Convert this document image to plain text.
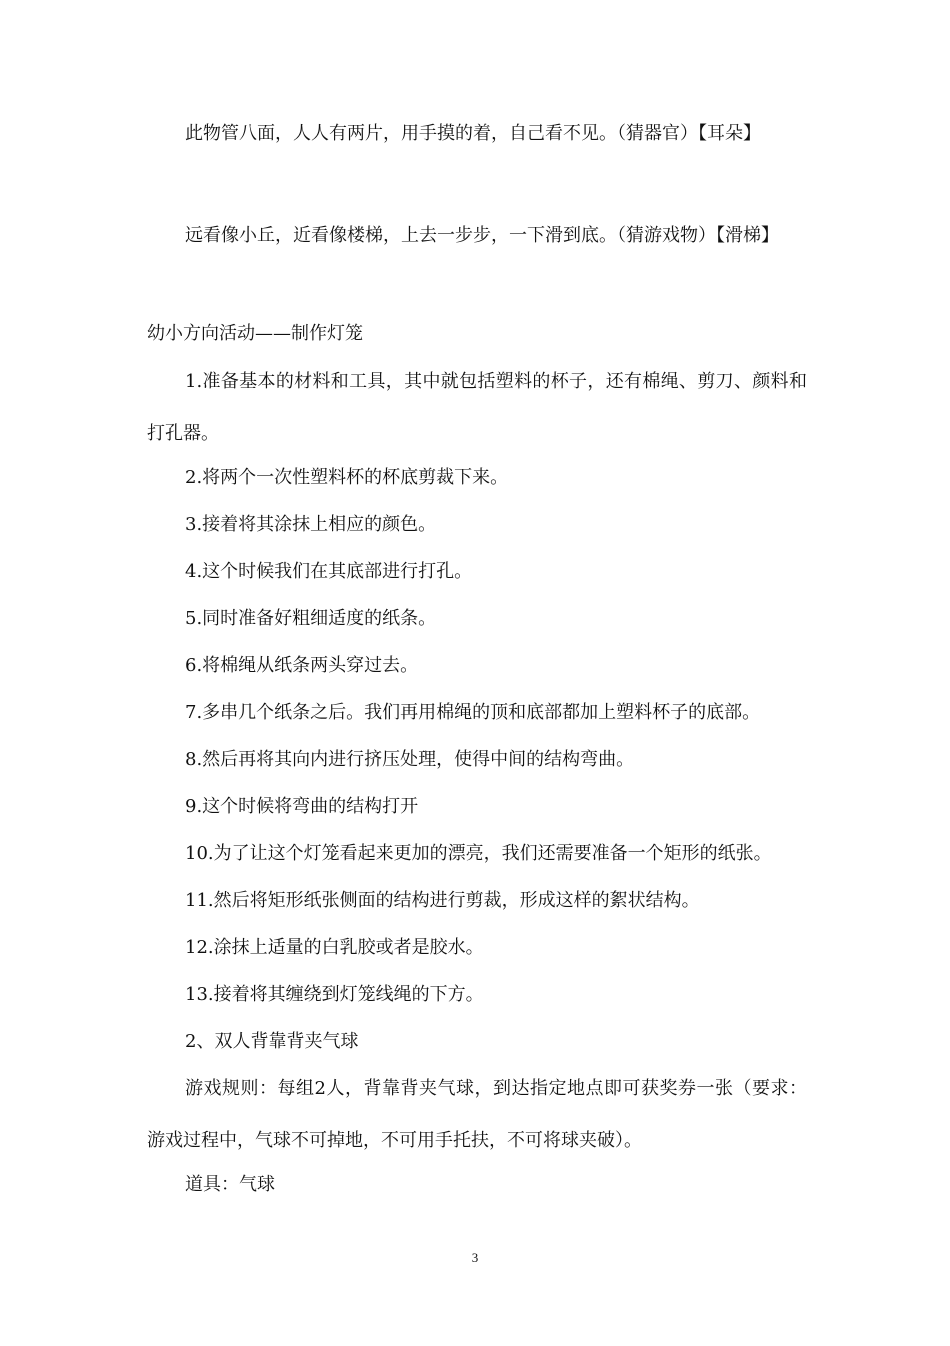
此物管八面，人人有两片，用手摸的着，自己看不见。（猜器官）【耳朵】

远看像小丘，近看像楼梯，上去一步步，一下滑到底。（猜游戏物）【滑梯】

幼小方向活动——制作灯笼

1.准备基本的材料和工具，其中就包括塑料的杯子，还有棉绳、剪刀、颜料和打孔器。

2.将两个一次性塑料杯的杯底剪裁下来。

3.接着将其涂抹上相应的颜色。

4.这个时候我们在其底部进行打孔。

5.同时准备好粗细适度的纸条。

6.将棉绳从纸条两头穿过去。

7.多串几个纸条之后。我们再用棉绳的顶和底部都加上塑料杯子的底部。

8.然后再将其向内进行挤压处理，使得中间的结构弯曲。

9.这个时候将弯曲的结构打开

10.为了让这个灯笼看起来更加的漂亮，我们还需要准备一个矩形的纸张。

11.然后将矩形纸张侧面的结构进行剪裁，形成这样的絮状结构。

12.涂抹上适量的白乳胶或者是胶水。

13.接着将其缠绕到灯笼线绳的下方。

2、双人背靠背夹气球

游戏规则：每组2人，背靠背夹气球，到达指定地点即可获奖券一张（要求：游戏过程中，气球不可掉地，不可用手托扶，不可将球夹破）。

道具：气球

3
